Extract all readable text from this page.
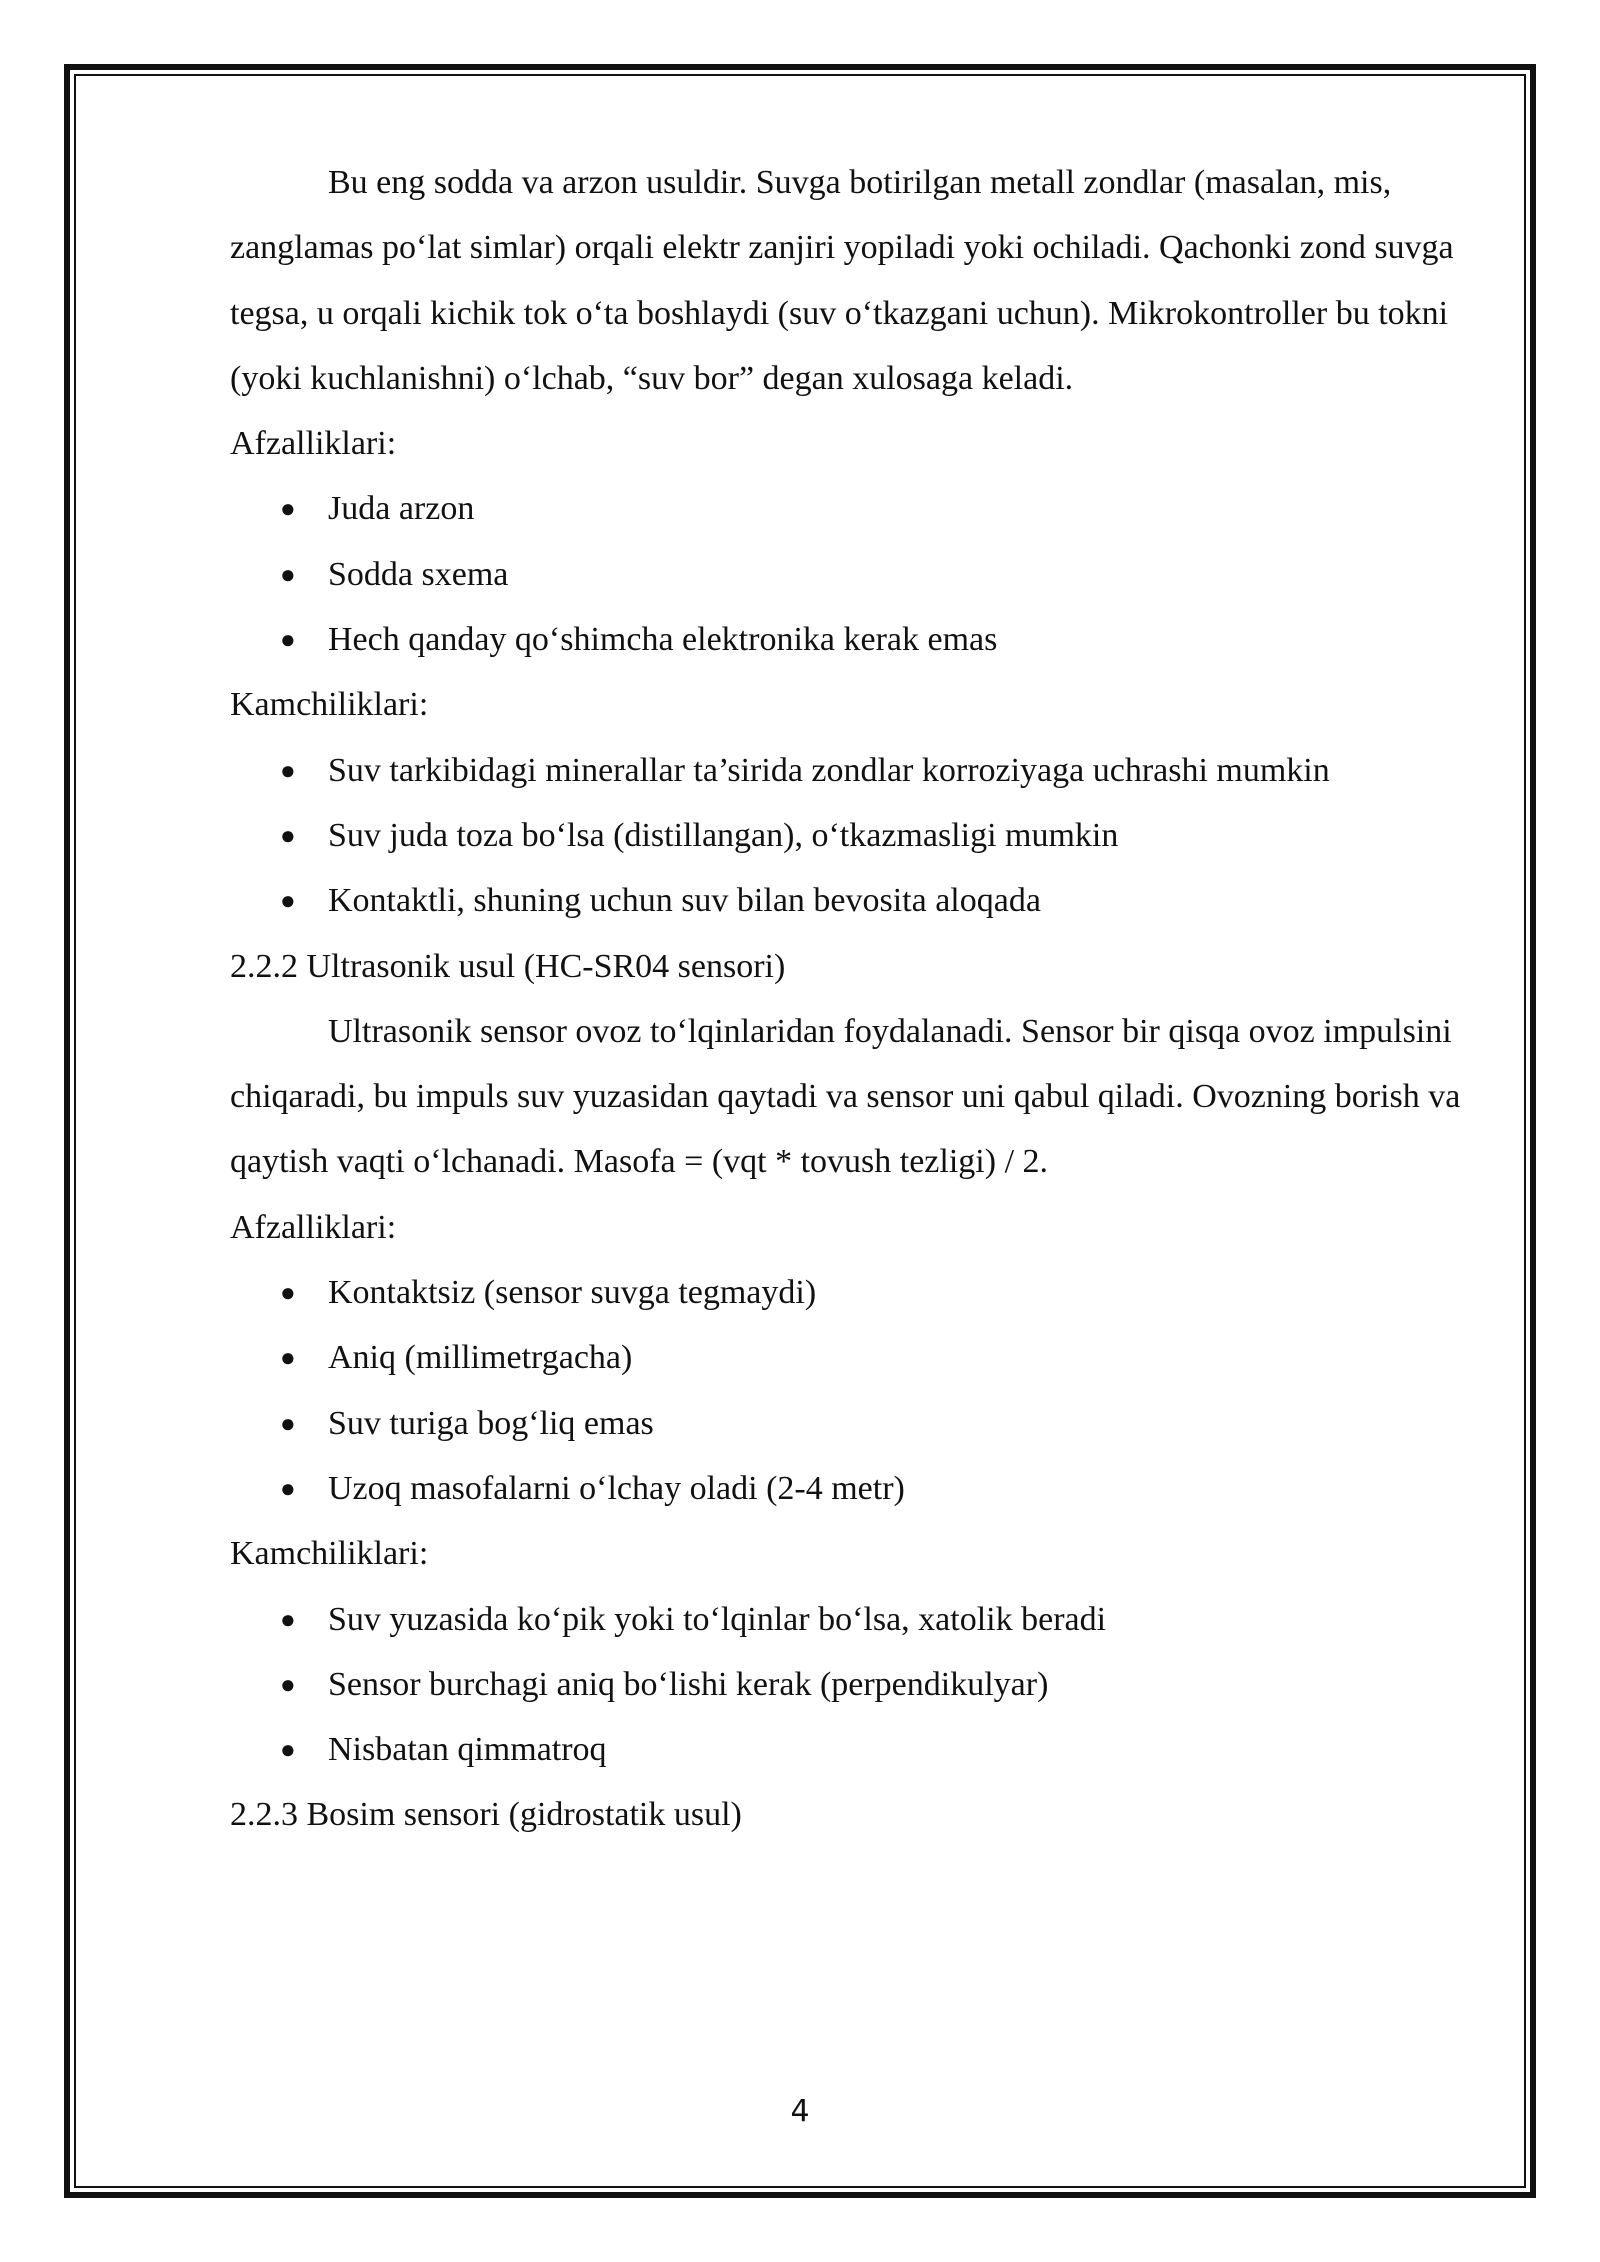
Bu eng sodda va arzon usuldir. Suvga botirilgan metall zondlar (masalan, mis, zanglamas po‘lat simlar) orqali elektr zanjiri yopiladi yoki ochiladi. Qachonki zond suvga tegsa, u orqali kichik tok o‘ta boshlaydi (suv o‘tkazgani uchun). Mikrokontroller bu tokni (yoki kuchlanishni) o‘lchab, “suv bor” degan xulosaga keladi.

Afzalliklari:

● Juda arzon
● Sodda sxema
● Hech qanday qo‘shimcha elektronika kerak emas

Kamchiliklari:

● Suv tarkibidagi minerallar ta’sirida zondlar korroziyaga uchrashi mumkin
● Suv juda toza bo‘lsa (distillangan), o‘tkazmasligi mumkin
● Kontaktli, shuning uchun suv bilan bevosita aloqada

2.2.2 Ultrasonik usul (HC-SR04 sensori)

Ultrasonik sensor ovoz to‘lqinlaridan foydalanadi. Sensor bir qisqa ovoz impulsini chiqaradi, bu impuls suv yuzasidan qaytadi va sensor uni qabul qiladi. Ovozning borish va qaytish vaqti o‘lchanadi. Masofa = (vqt * tovush tezligi) / 2.

Afzalliklari:

● Kontaktsiz (sensor suvga tegmaydi)
● Aniq (millimetrgacha)
● Suv turiga bog‘liq emas
● Uzoq masofalarni o‘lchay oladi (2-4 metr)

Kamchiliklari:

● Suv yuzasida ko‘pik yoki to‘lqinlar bo‘lsa, xatolik beradi
● Sensor burchagi aniq bo‘lishi kerak (perpendikulyar)
● Nisbatan qimmatroq

2.2.3 Bosim sensori (gidrostatik usul)

4
